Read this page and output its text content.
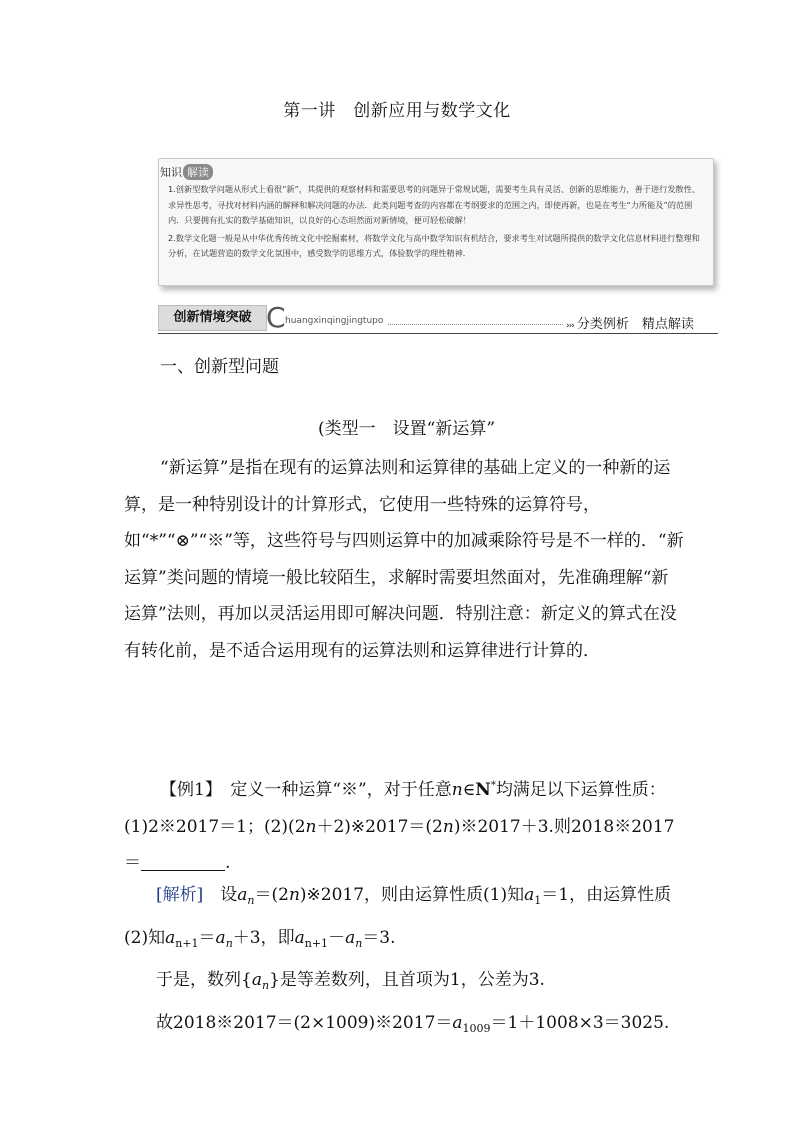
第一讲　创新应用与数学文化
知识 解读

1.创新型数学问题从形式上看很“新”，其提供的观察材料和需要思考的问题异于常规试题，需要考生具有灵活、创新的思维能力，善于进行发散性、求异性思考，寻找对材料内涵的解释和解决问题的办法．此类问题考查的内容都在考纲要求的范围之内，即使再新，也是在考生“力所能及”的范围内．只要拥有扎实的数学基础知识，以良好的心态坦然面对新情境，便可轻松破解！

2.数学文化题一般是从中华优秀传统文化中挖掘素材，将数学文化与高中数学知识有机结合，要求考生对试题所提供的数学文化信息材料进行整理和分析，在试题营造的数学文化氛围中，感受数学的思维方式，体验数学的理性精神．

创新情境突破 C huangxinqingjingtupo	››› 分类例析　精点解读
一、创新型问题
(类型一　设置“新运算”
“新运算”是指在现有的运算法则和运算律的基础上定义的一种新的运算，是一种特别设计的计算形式，它使用一些特殊的运算符号，如“*”“⊗”“※”等，这些符号与四则运算中的加减乘除符号是不一样的．“新运算”类问题的情境一般比较陌生，求解时需要坦然面对，先准确理解“新运算”法则，再加以灵活运用即可解决问题．特别注意：新定义的算式在没有转化前，是不适合运用现有的运算法则和运算律进行计算的．
【例1】　定义一种运算“※”，对于任意n∈N*均满足以下运算性质：(1)2※2017＝1；(2)(2n＋2)※2017＝(2n)※2017＋3.则2018※2017＝	.
[解析]　设$a_n=(2n)※2017$，则由运算性质(1)知$a_1=1$，由运算性质(2)知$a_{n+1}=a_n+3$，即$a_{n+1}-a_n=3$.
于是，数列$\{a_n\}$是等差数列，且首项为1，公差为3.
故$2018※2017=(2\times 1009)※2017=a_{1009}=1+1008\times 3=3025$.
